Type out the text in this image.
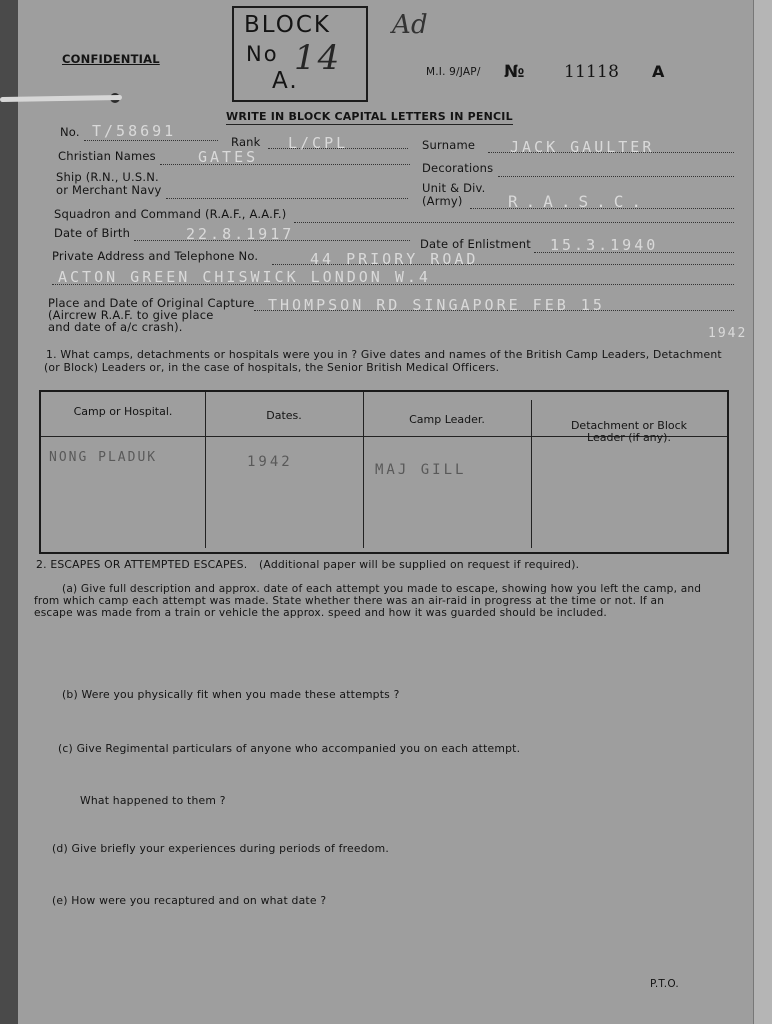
CONFIDENTIAL
BLOCK
No
A.
14
Ad
M.I. 9/JAP/ № 11118 A
WRITE IN BLOCK CAPITAL LETTERS IN PENCIL
No. T/58691
Rank L/CPL	Surname JACK GAULTER
Christian Names	GATES
Decorations
Ship (R.N., U.S.N.
or Merchant Navy	Unit & Div.
(Army)	R.A.S.C.
Squadron and Command (R.A.F., A.A.F.)
Date of Birth	22.8.1917
Date of Enlistment 15.3.1940
Private Address and Telephone No.	44 PRIORY ROAD
ACTON GREEN CHISWICK LONDON W.4
Place and Date of Original Capture
(Aircrew R.A.F. to give place
and date of a/c crash).
THOMPSON RD SINGAPORE FEB 15
1942
1. What camps, detachments or hospitals were you in ? Give dates and names of the British Camp Leaders, Detachment
(or Block) Leaders or, in the case of hospitals, the Senior British Medical Officers.
Camp or Hospital.	Dates.	Camp Leader.	Detachment or Block
Leader (if any).
NONG PLADUK	1942	MAJ GILL
2. ESCAPES OR ATTEMPTED ESCAPES. (Additional paper will be supplied on request if required).
(a) Give full description and approx. date of each attempt you made to escape, showing how you left the camp, and
from which camp each attempt was made. State whether there was an air-raid in progress at the time or not. If an
escape was made from a train or vehicle the approx. speed and how it was guarded should be included.
(b) Were you physically fit when you made these attempts ?
(c) Give Regimental particulars of anyone who accompanied you on each attempt.
What happened to them ?
(d) Give briefly your experiences during periods of freedom.
(e) How were you recaptured and on what date ?
P.T.O.
